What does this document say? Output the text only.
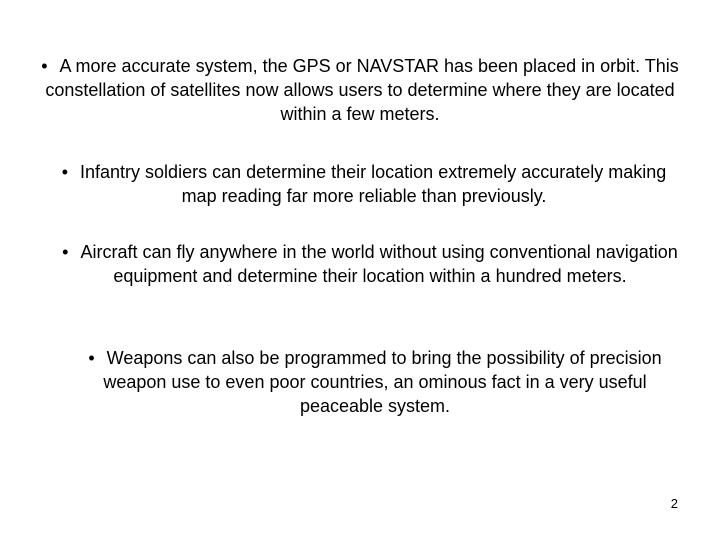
• A more accurate system, the GPS or NAVSTAR has been placed in orbit. This constellation of satellites now allows users to determine where they are located within a few meters.
• Infantry soldiers can determine their location extremely accurately making map reading far more reliable than previously.
• Aircraft can fly anywhere in the world without using conventional navigation equipment and determine their location within a hundred meters.
• Weapons can also be programmed to bring the possibility of precision weapon use to even poor countries, an ominous fact in a very useful peaceable system.
2
